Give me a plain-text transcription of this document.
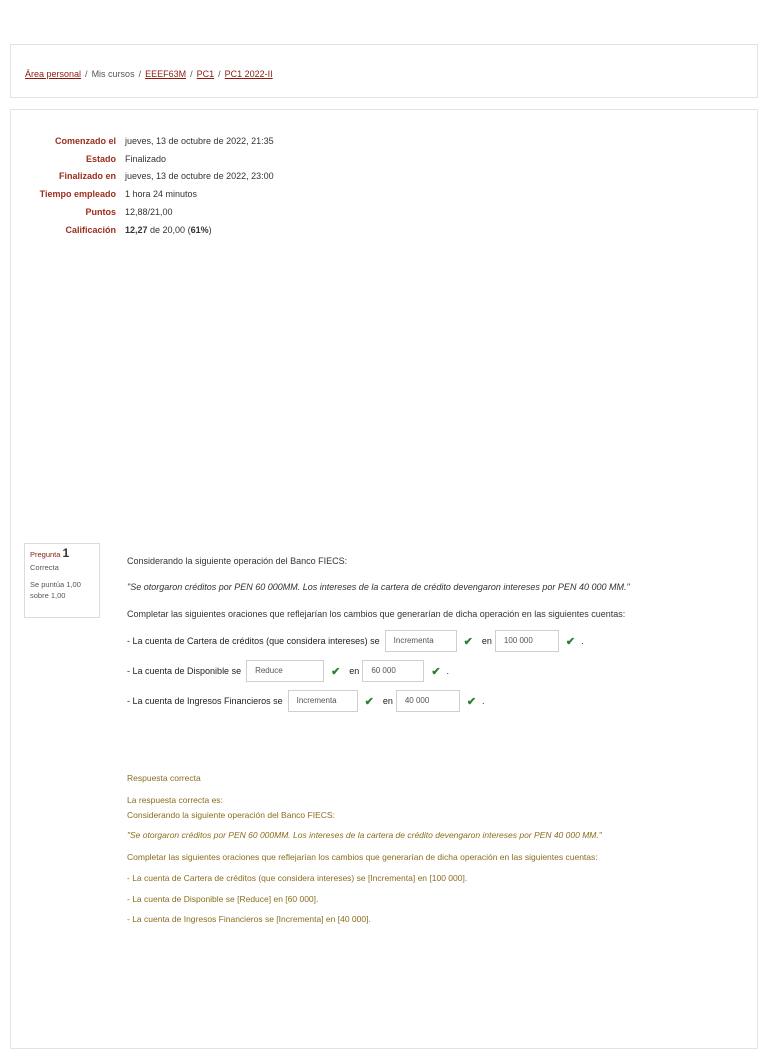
Área personal / Mis cursos / EEEF63M / PC1 / PC1 2022-II
Comenzado el	jueves, 13 de octubre de 2022, 21:35
Estado	Finalizado
Finalizado en	jueves, 13 de octubre de 2022, 23:00
Tiempo empleado	1 hora 24 minutos
Puntos	12,88/21,00
Calificación	12,27 de 20,00 (61%)
Pregunta 1
Correcta
Se puntúa 1,00
sobre 1,00
Considerando la siguiente operación del Banco FIECS:
"Se otorgaron créditos por PEN 60 000MM. Los intereses de la cartera de crédito devengaron intereses por PEN 40 000 MM."
Completar las siguientes oraciones que reflejarían los cambios que generarían de dicha operación en las siguientes cuentas:
- La cuenta de Cartera de créditos (que considera intereses) se	Incrementa	✔ en	100 000	✔ .
- La cuenta de Disponible se	Reduce	✔ en	60 000	✔ .
- La cuenta de Ingresos Financieros se	Incrementa	✔ en	40 000	✔ .
Respuesta correcta
La respuesta correcta es:
Considerando la siguiente operación del Banco FIECS:
"Se otorgaron créditos por PEN 60 000MM. Los intereses de la cartera de crédito devengaron intereses por PEN 40 000 MM."
Completar las siguientes oraciones que reflejarían los cambios que generarían de dicha operación en las siguientes cuentas:
- La cuenta de Cartera de créditos (que considera intereses) se [Incrementa] en [100 000].
- La cuenta de Disponible se [Reduce] en [60 000].
- La cuenta de Ingresos Financieros se [Incrementa] en [40 000].
